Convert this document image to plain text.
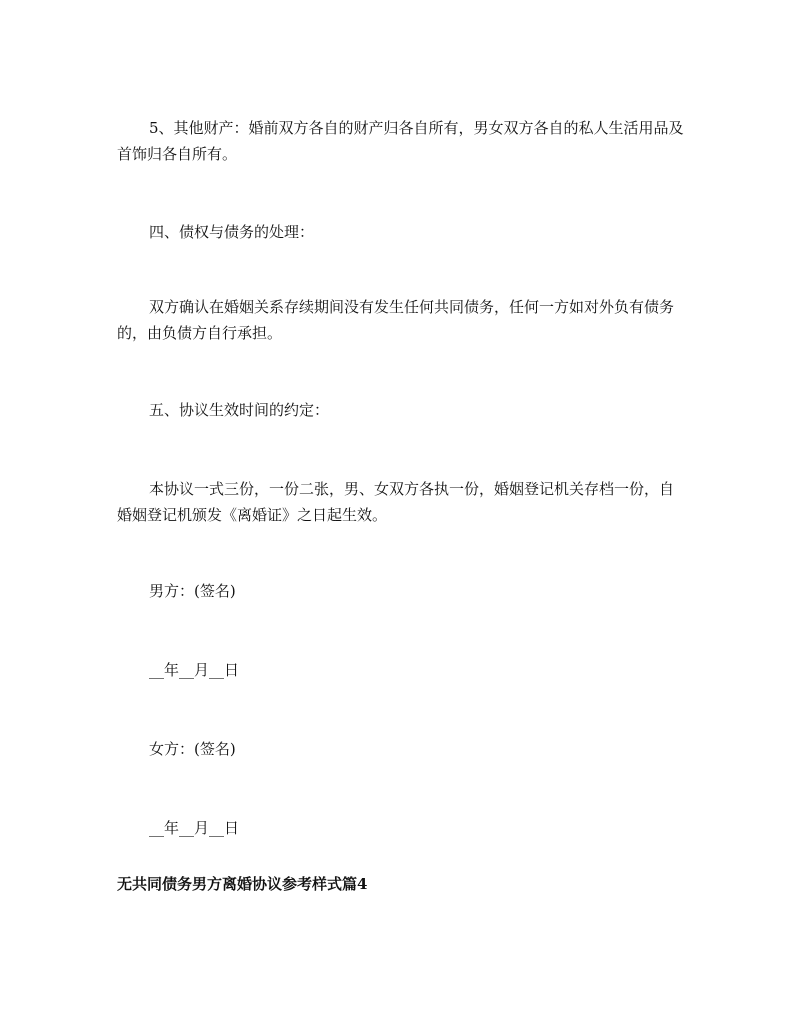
5、其他财产：婚前双方各自的财产归各自所有，男女双方各自的私人生活用品及首饰归各自所有。

四、债权与债务的处理：

双方确认在婚姻关系存续期间没有发生任何共同债务，任何一方如对外负有债务的，由负债方自行承担。

五、协议生效时间的约定：

本协议一式三份，一份二张，男、女双方各执一份，婚姻登记机关存档一份，自婚姻登记机颁发《离婚证》之日起生效。

男方：(签名)

__年__月__日

女方：(签名)

__年__月__日

无共同债务男方离婚协议参考样式篇4
